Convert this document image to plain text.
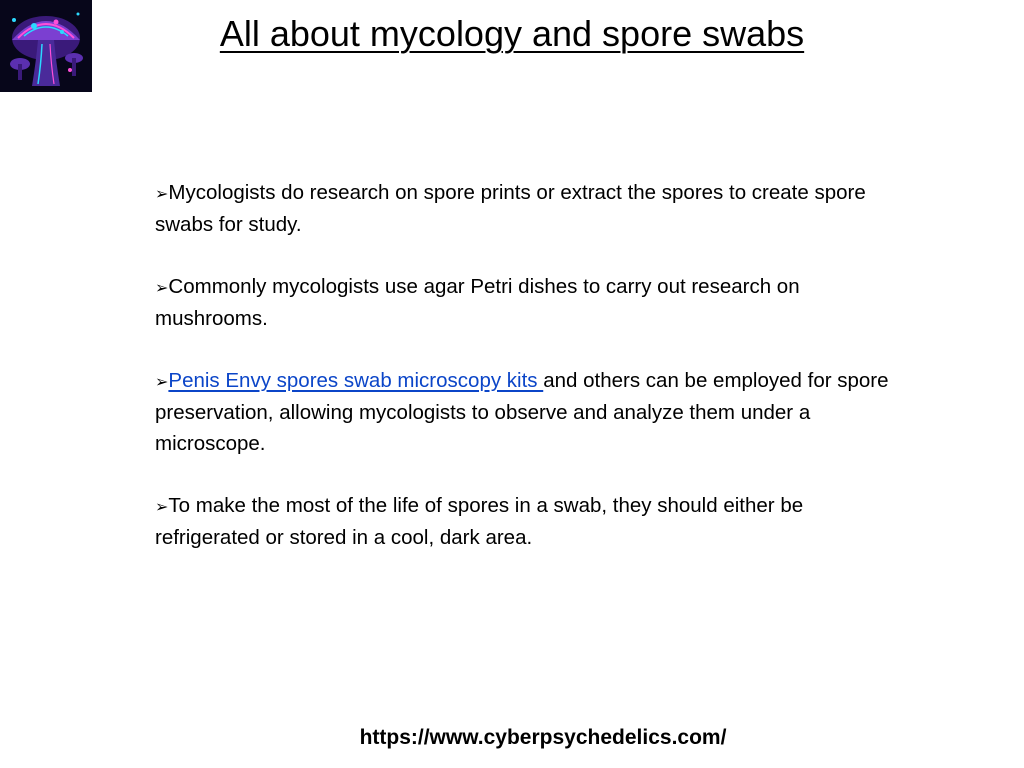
All about mycology and spore swabs

➢Mycologists do research on spore prints or extract the spores to create spore swabs for study.

➢Commonly mycologists use agar Petri dishes to carry out research on mushrooms.

➢Penis Envy spores swab microscopy kits and others can be employed for spore preservation, allowing mycologists to observe and analyze them under a microscope.

➢To make the most of the life of spores in a swab, they should either be refrigerated or stored in a cool, dark area.

https://www.cyberpsychedelics.com/
